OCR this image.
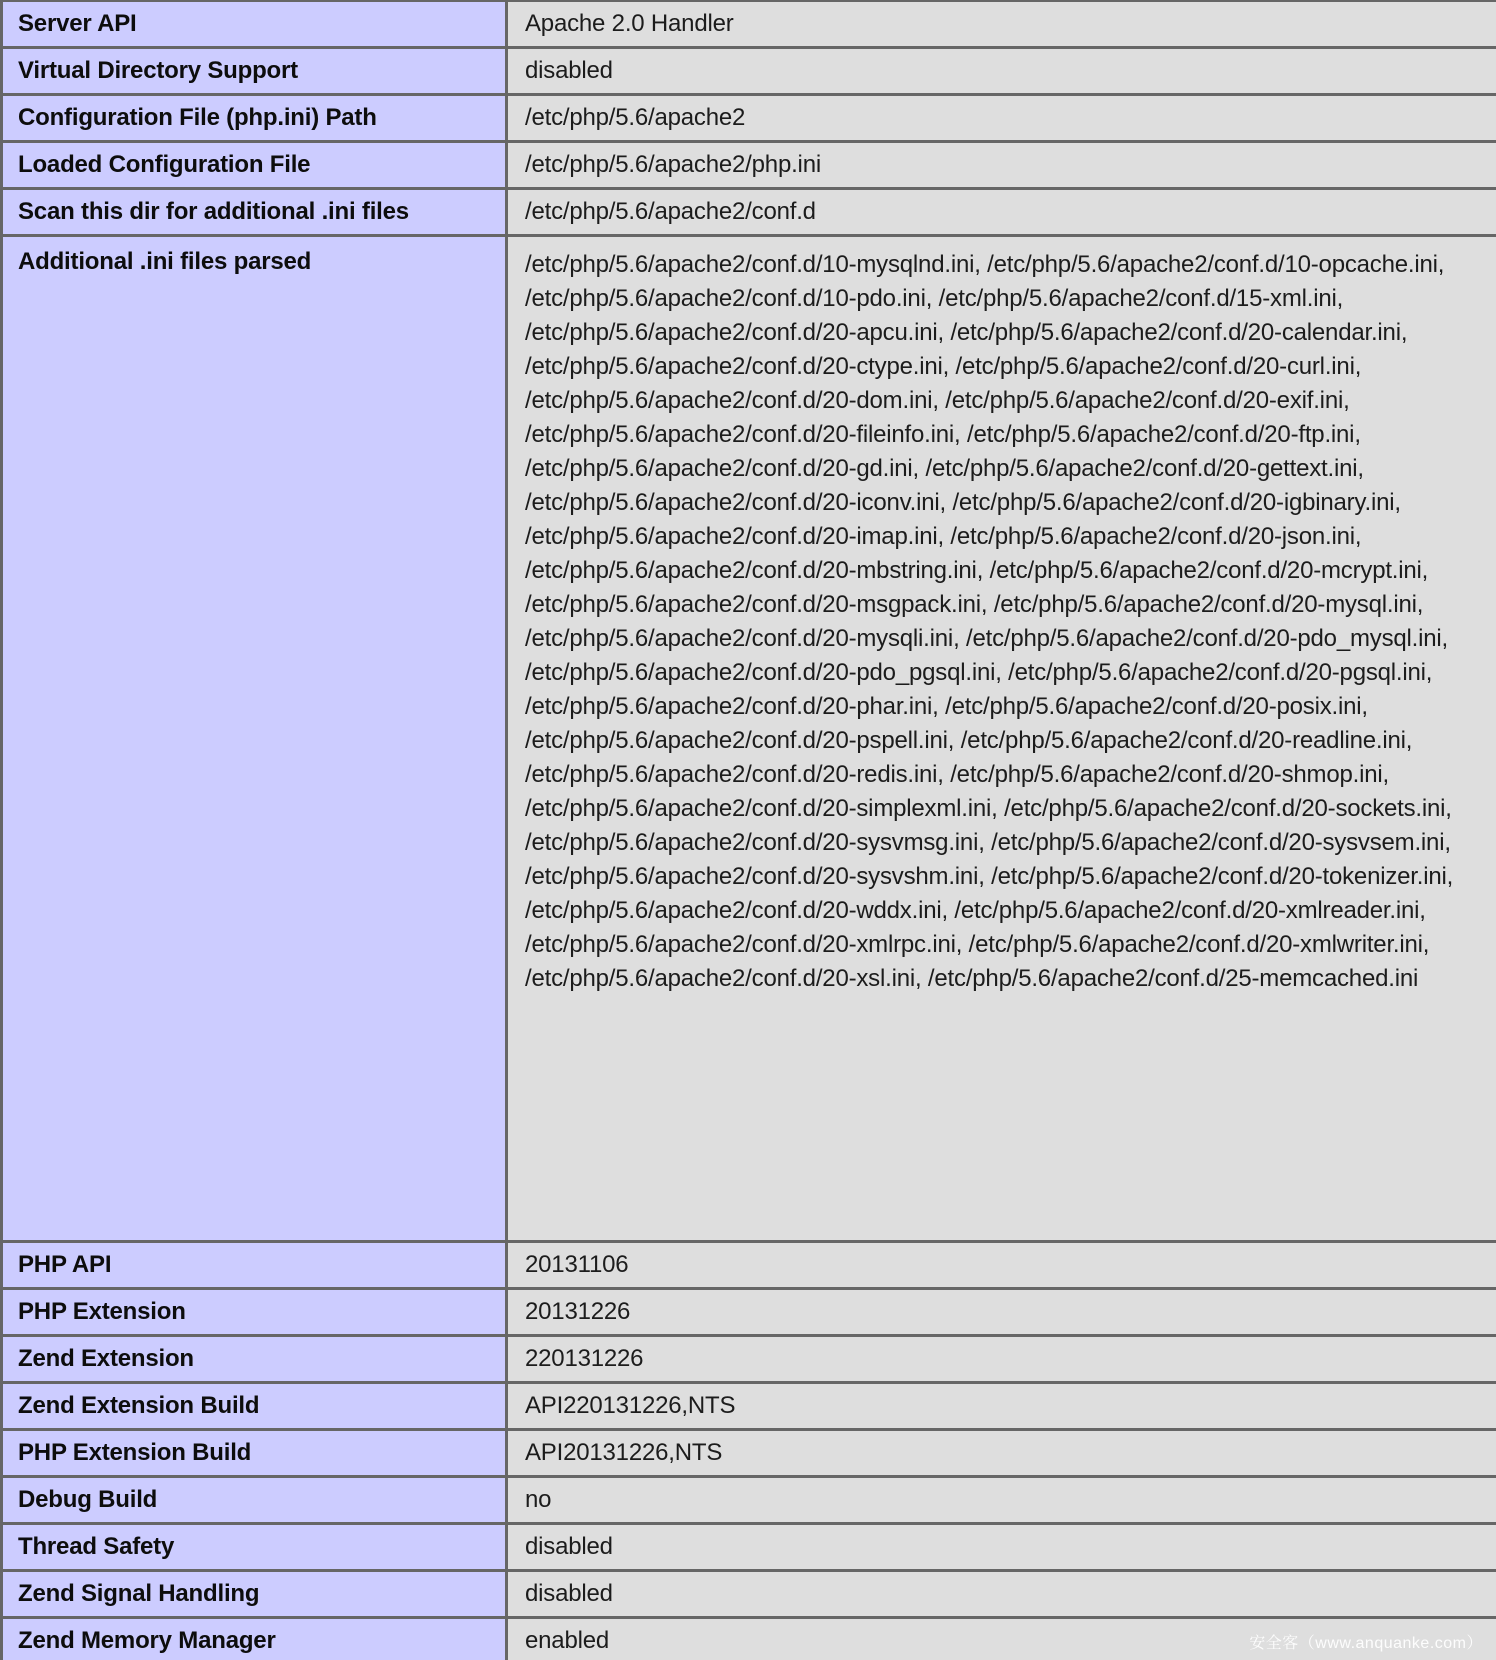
Server API	Apache 2.0 Handler
Virtual Directory Support	disabled
Configuration File (php.ini) Path	/etc/php/5.6/apache2
Loaded Configuration File	/etc/php/5.6/apache2/php.ini
Scan this dir for additional .ini files	/etc/php/5.6/apache2/conf.d
Additional .ini files parsed	/etc/php/5.6/apache2/conf.d/10-mysqlnd.ini, /etc/php/5.6/apache2/conf.d/10-opcache.ini, /etc/php/5.6/apache2/conf.d/10-pdo.ini, /etc/php/5.6/apache2/conf.d/15-xml.ini, /etc/php/5.6/apache2/conf.d/20-apcu.ini, /etc/php/5.6/apache2/conf.d/20-calendar.ini, /etc/php/5.6/apache2/conf.d/20-ctype.ini, /etc/php/5.6/apache2/conf.d/20-curl.ini, /etc/php/5.6/apache2/conf.d/20-dom.ini, /etc/php/5.6/apache2/conf.d/20-exif.ini, /etc/php/5.6/apache2/conf.d/20-fileinfo.ini, /etc/php/5.6/apache2/conf.d/20-ftp.ini, /etc/php/5.6/apache2/conf.d/20-gd.ini, /etc/php/5.6/apache2/conf.d/20-gettext.ini, /etc/php/5.6/apache2/conf.d/20-iconv.ini, /etc/php/5.6/apache2/conf.d/20-igbinary.ini, /etc/php/5.6/apache2/conf.d/20-imap.ini, /etc/php/5.6/apache2/conf.d/20-json.ini, /etc/php/5.6/apache2/conf.d/20-mbstring.ini, /etc/php/5.6/apache2/conf.d/20-mcrypt.ini, /etc/php/5.6/apache2/conf.d/20-msgpack.ini, /etc/php/5.6/apache2/conf.d/20-mysql.ini, /etc/php/5.6/apache2/conf.d/20-mysqli.ini, /etc/php/5.6/apache2/conf.d/20-pdo_mysql.ini, /etc/php/5.6/apache2/conf.d/20-pdo_pgsql.ini, /etc/php/5.6/apache2/conf.d/20-pgsql.ini, /etc/php/5.6/apache2/conf.d/20-phar.ini, /etc/php/5.6/apache2/conf.d/20-posix.ini, /etc/php/5.6/apache2/conf.d/20-pspell.ini, /etc/php/5.6/apache2/conf.d/20-readline.ini, /etc/php/5.6/apache2/conf.d/20-redis.ini, /etc/php/5.6/apache2/conf.d/20-shmop.ini, /etc/php/5.6/apache2/conf.d/20-simplexml.ini, /etc/php/5.6/apache2/conf.d/20-sockets.ini, /etc/php/5.6/apache2/conf.d/20-sysvmsg.ini, /etc/php/5.6/apache2/conf.d/20-sysvsem.ini, /etc/php/5.6/apache2/conf.d/20-sysvshm.ini, /etc/php/5.6/apache2/conf.d/20-tokenizer.ini, /etc/php/5.6/apache2/conf.d/20-wddx.ini, /etc/php/5.6/apache2/conf.d/20-xmlreader.ini, /etc/php/5.6/apache2/conf.d/20-xmlrpc.ini, /etc/php/5.6/apache2/conf.d/20-xmlwriter.ini, /etc/php/5.6/apache2/conf.d/20-xsl.ini, /etc/php/5.6/apache2/conf.d/25-memcached.ini

PHP API	20131106
PHP Extension	20131226
Zend Extension	220131226
Zend Extension Build	API220131226,NTS
PHP Extension Build	API20131226,NTS
Debug Build	no
Thread Safety	disabled
Zend Signal Handling	disabled
Zend Memory Manager	enabled	安全客（www.anquanke.com）
